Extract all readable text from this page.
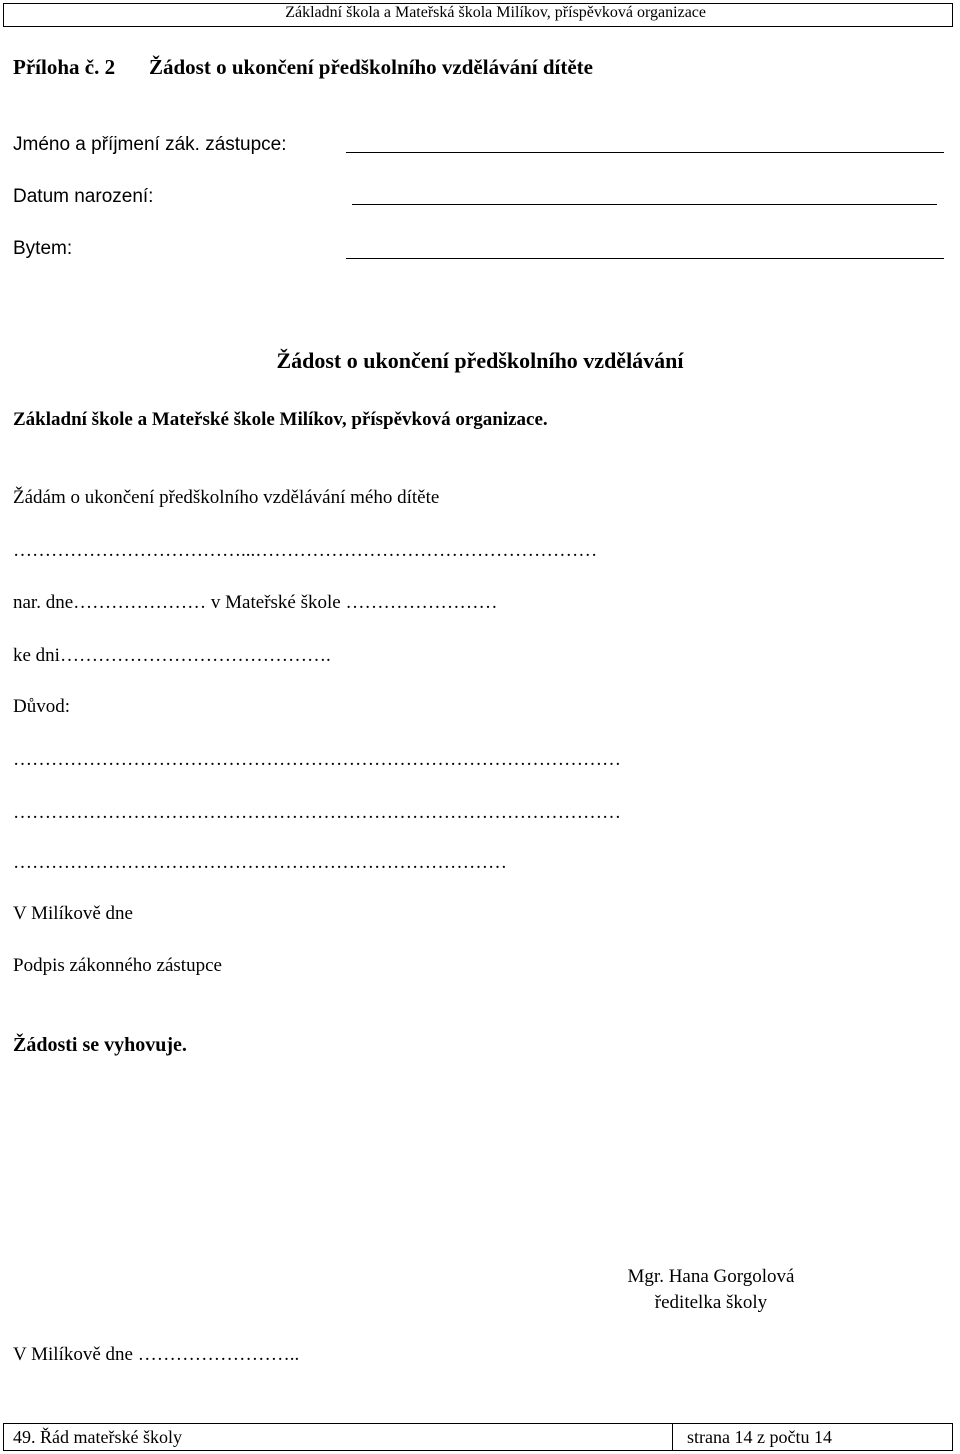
Základní škola a Mateřská škola Milíkov, příspěvková organizace
Příloha č. 2 Žádost o ukončení předškolního vzdělávání dítěte
Jméno a příjmení zák. zástupce:
Datum narození:
Bytem:
Žádost o ukončení předškolního vzdělávání
Základní škole a Mateřské škole Milíkov, příspěvková organizace.
Žádám o ukončení předškolního vzdělávání mého dítěte
………………………………...………………………………………………
nar. dne………………… v Mateřské škole ……………………
ke dni…………………………………….
Důvod:
……………………………………………………………………………………
……………………………………………………………………………………
……………………………………………………………………
V Milíkově dne
Podpis zákonného zástupce
Žádosti se vyhovuje.
Mgr. Hana Gorgolová
ředitelka školy
V Milíkově dne ……………………..
49. Řád mateřské školy	strana 14 z počtu 14
